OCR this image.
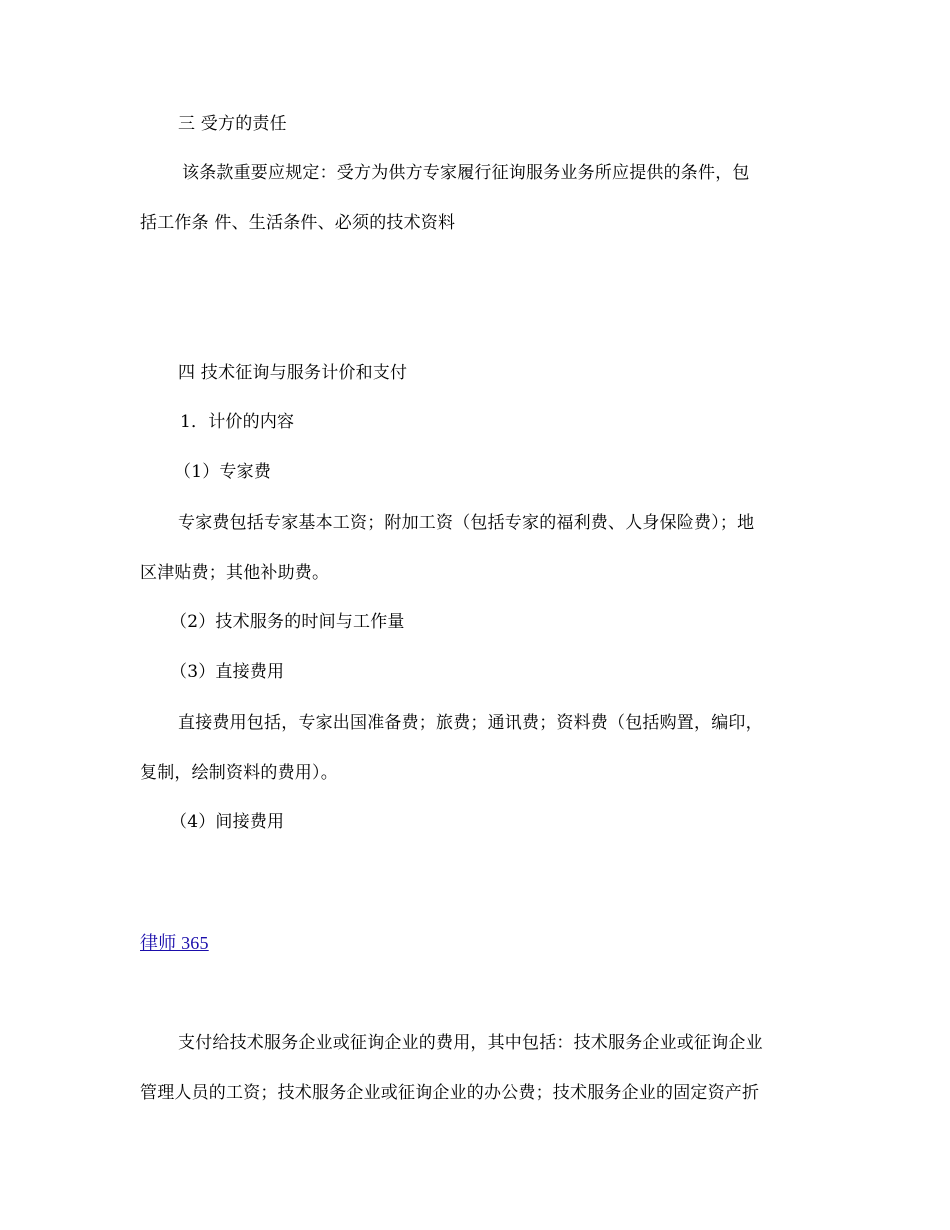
三 受方的责任
该条款重要应规定：受方为供方专家履行征询服务业务所应提供的条件，包
括工作条 件、生活条件、必须的技术资料
四 技术征询与服务计价和支付
1．计价的内容
（1）专家费
专家费包括专家基本工资；附加工资（包括专家的福利费、人身保险费）；地
区津贴费；其他补助费。
（2）技术服务的时间与工作量
（3）直接费用
直接费用包括，专家出国准备费；旅费；通讯费；资料费（包括购置，编印，
复制，绘制资料的费用）。
（4）间接费用
律师 365
支付给技术服务企业或征询企业的费用，其中包括：技术服务企业或征询企业
管理人员的工资；技术服务企业或征询企业的办公费；技术服务企业的固定资产折
